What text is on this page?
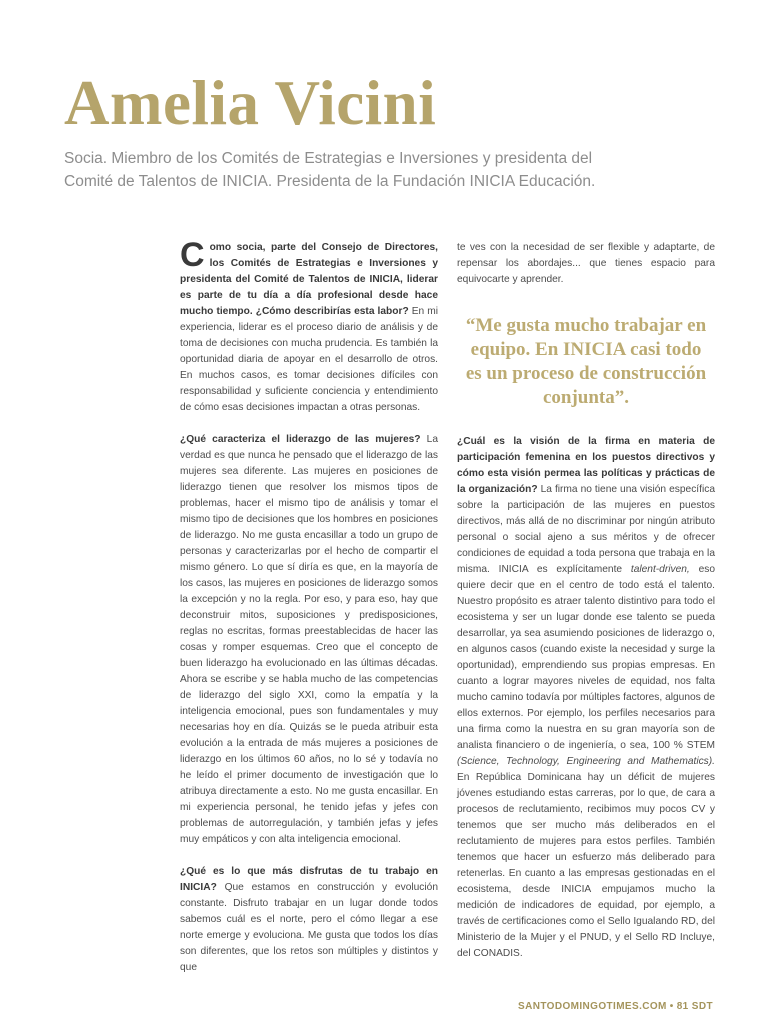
Amelia Vicini

Socia. Miembro de los Comités de Estrategias e Inversiones y presidenta del Comité de Talentos de INICIA. Presidenta de la Fundación INICIA Educación.

Como socia, parte del Consejo de Directores, los Comités de Estrategias e Inversiones y presidenta del Comité de Talentos de INICIA, liderar es parte de tu día a día profesional desde hace mucho tiempo. ¿Cómo describirías esta labor? En mi experiencia, liderar es el proceso diario de análisis y de toma de decisiones con mucha prudencia. Es también la oportunidad diaria de apoyar en el desarrollo de otros. En muchos casos, es tomar decisiones difíciles con responsabilidad y suficiente conciencia y entendimiento de cómo esas decisiones impactan a otras personas.

¿Qué caracteriza el liderazgo de las mujeres? La verdad es que nunca he pensado que el liderazgo de las mujeres sea diferente. Las mujeres en posiciones de liderazgo tienen que resolver los mismos tipos de problemas, hacer el mismo tipo de análisis y tomar el mismo tipo de decisiones que los hombres en posiciones de liderazgo. No me gusta encasillar a todo un grupo de personas y caracterizarlas por el hecho de compartir el mismo género. Lo que sí diría es que, en la mayoría de los casos, las mujeres en posiciones de liderazgo somos la excepción y no la regla. Por eso, y para eso, hay que deconstruir mitos, suposiciones y predisposiciones, reglas no escritas, formas preestablecidas de hacer las cosas y romper esquemas. Creo que el concepto de buen liderazgo ha evolucionado en las últimas décadas. Ahora se escribe y se habla mucho de las competencias de liderazgo del siglo XXI, como la empatía y la inteligencia emocional, pues son fundamentales y muy necesarias hoy en día. Quizás se le pueda atribuir esta evolución a la entrada de más mujeres a posiciones de liderazgo en los últimos 60 años, no lo sé y todavía no he leído el primer documento de investigación que lo atribuya directamente a esto. No me gusta encasillar. En mi experiencia personal, he tenido jefas y jefes con problemas de autorregulación, y también jefas y jefes muy empáticos y con alta inteligencia emocional.

¿Qué es lo que más disfrutas de tu trabajo en INICIA? Que estamos en construcción y evolución constante. Disfruto trabajar en un lugar donde todos sabemos cuál es el norte, pero el cómo llegar a ese norte emerge y evoluciona. Me gusta que todos los días son diferentes, que los retos son múltiples y distintos y que

te ves con la necesidad de ser flexible y adaptarte, de repensar los abordajes... que tienes espacio para equivocarte y aprender.

“Me gusta mucho trabajar en equipo. En INICIA casi todo es un proceso de construcción conjunta”.

¿Cuál es la visión de la firma en materia de participación femenina en los puestos directivos y cómo esta visión permea las políticas y prácticas de la organización? La firma no tiene una visión específica sobre la participación de las mujeres en puestos directivos, más allá de no discriminar por ningún atributo personal o social ajeno a sus méritos y de ofrecer condiciones de equidad a toda persona que trabaja en la misma. INICIA es explícitamente talent-driven, eso quiere decir que en el centro de todo está el talento. Nuestro propósito es atraer talento distintivo para todo el ecosistema y ser un lugar donde ese talento se pueda desarrollar, ya sea asumiendo posiciones de liderazgo o, en algunos casos (cuando existe la necesidad y surge la oportunidad), emprendiendo sus propias empresas. En cuanto a lograr mayores niveles de equidad, nos falta mucho camino todavía por múltiples factores, algunos de ellos externos. Por ejemplo, los perfiles necesarios para una firma como la nuestra en su gran mayoría son de analista financiero o de ingeniería, o sea, 100 % STEM (Science, Technology, Engineering and Mathematics). En República Dominicana hay un déficit de mujeres jóvenes estudiando estas carreras, por lo que, de cara a procesos de reclutamiento, recibimos muy pocos CV y tenemos que ser mucho más deliberados en el reclutamiento de mujeres para estos perfiles. También tenemos que hacer un esfuerzo más deliberado para retenerlas. En cuanto a las empresas gestionadas en el ecosistema, desde INICIA empujamos mucho la medición de indicadores de equidad, por ejemplo, a través de certificaciones como el Sello Igualando RD, del Ministerio de la Mujer y el PNUD, y el Sello RD Incluye, del CONADIS.

SANTODOMINGOTIMES.COM • 81 SDT
